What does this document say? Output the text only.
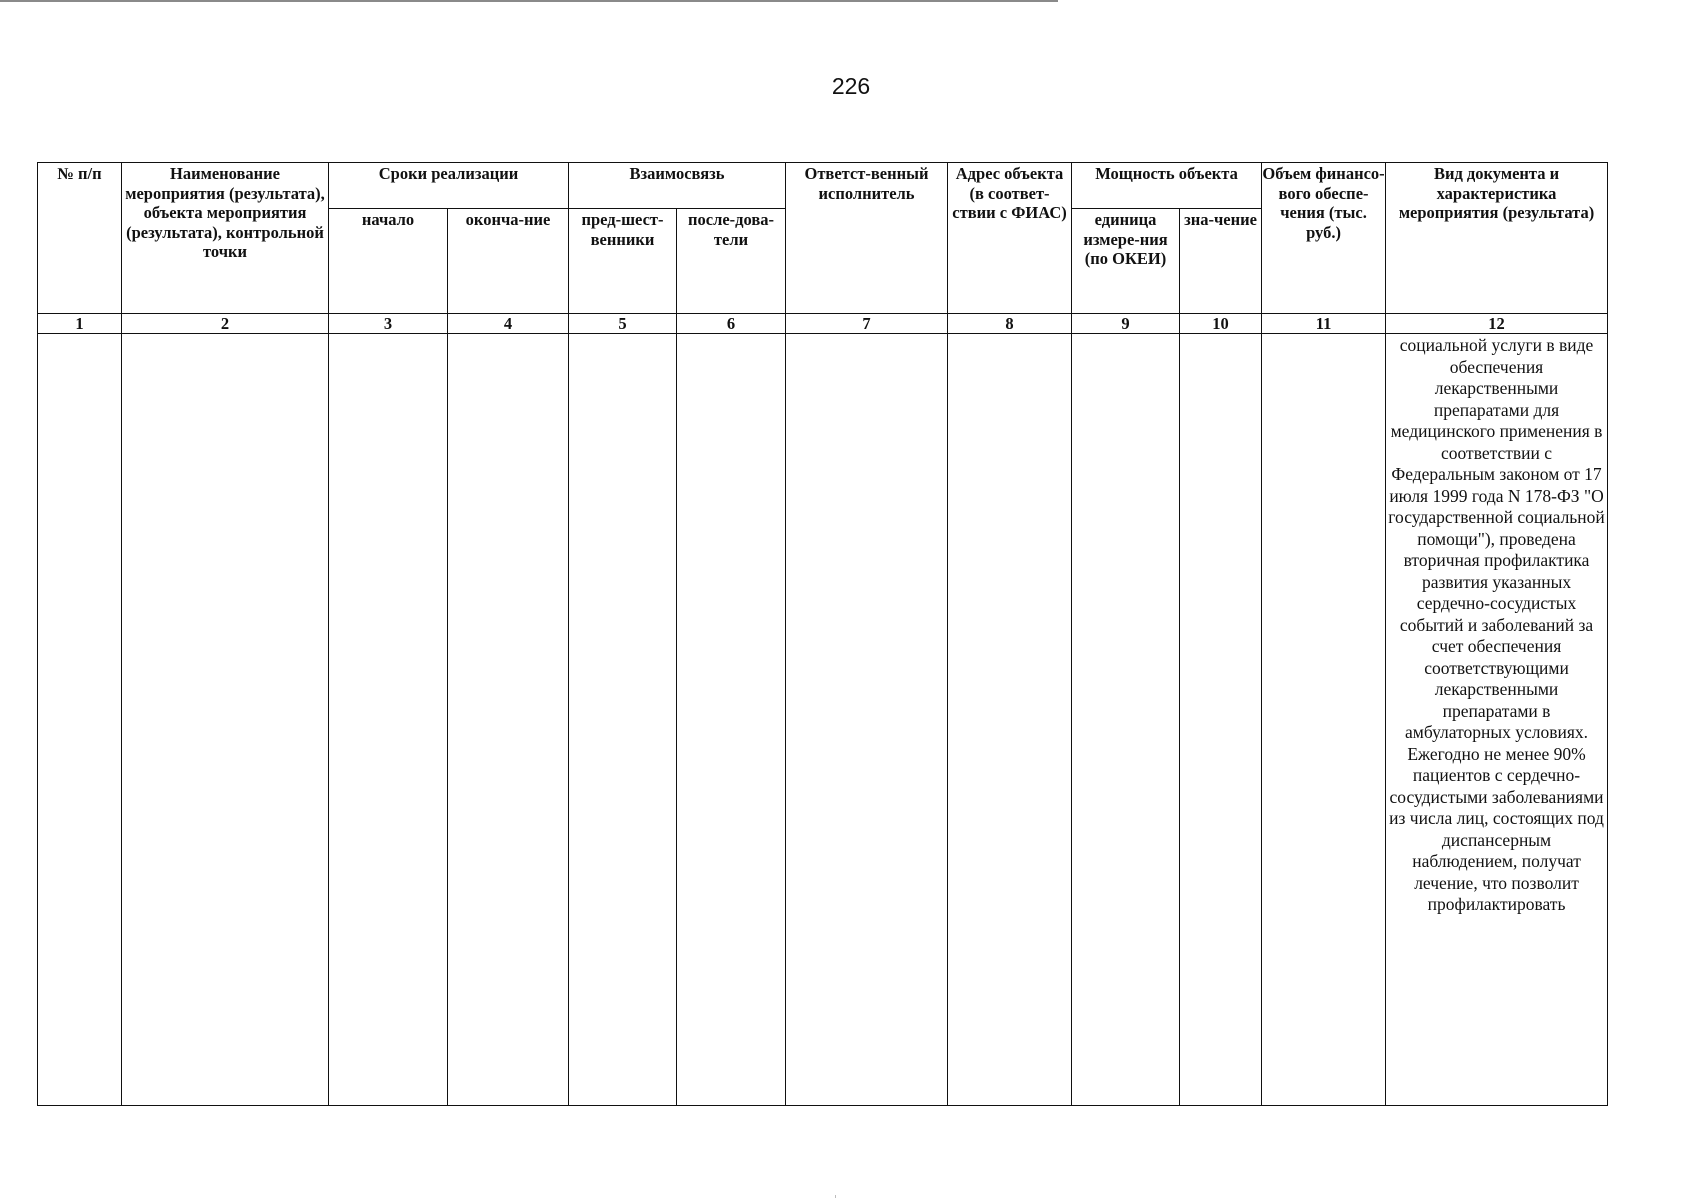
226
№ п/п	Наименование мероприятия (результата), объекта мероприятия (результата), контрольной точки	Сроки реализации		Взаимосвязь		Ответст-венный исполнитель	Адрес объекта (в соответ-ствии с ФИАС)	Мощность объекта		Объем финансо-вого обеспе-чения (тыс. руб.)	Вид документа и характеристика мероприятия (результата)
		начало	оконча-ние	пред-шест-венники	после-дова-тели			единица измере-ния (по ОКЕИ)	зна-чение		
1	2	3	4	5	6	7	8	9	10	11	12
											социальной услуги в виде обеспечения лекарственными препаратами для медицинского применения в соответствии с Федеральным законом от 17 июля 1999 года N 178-ФЗ "О государственной социальной помощи"), проведена вторичная профилактика развития указанных сердечно-сосудистых событий и заболеваний за счет обеспечения соответствующими лекарственными препаратами в амбулаторных условиях. Ежегодно не менее 90% пациентов с сердечно-сосудистыми заболеваниями из числа лиц, состоящих под диспансерным наблюдением, получат лечение, что позволит профилактировать
